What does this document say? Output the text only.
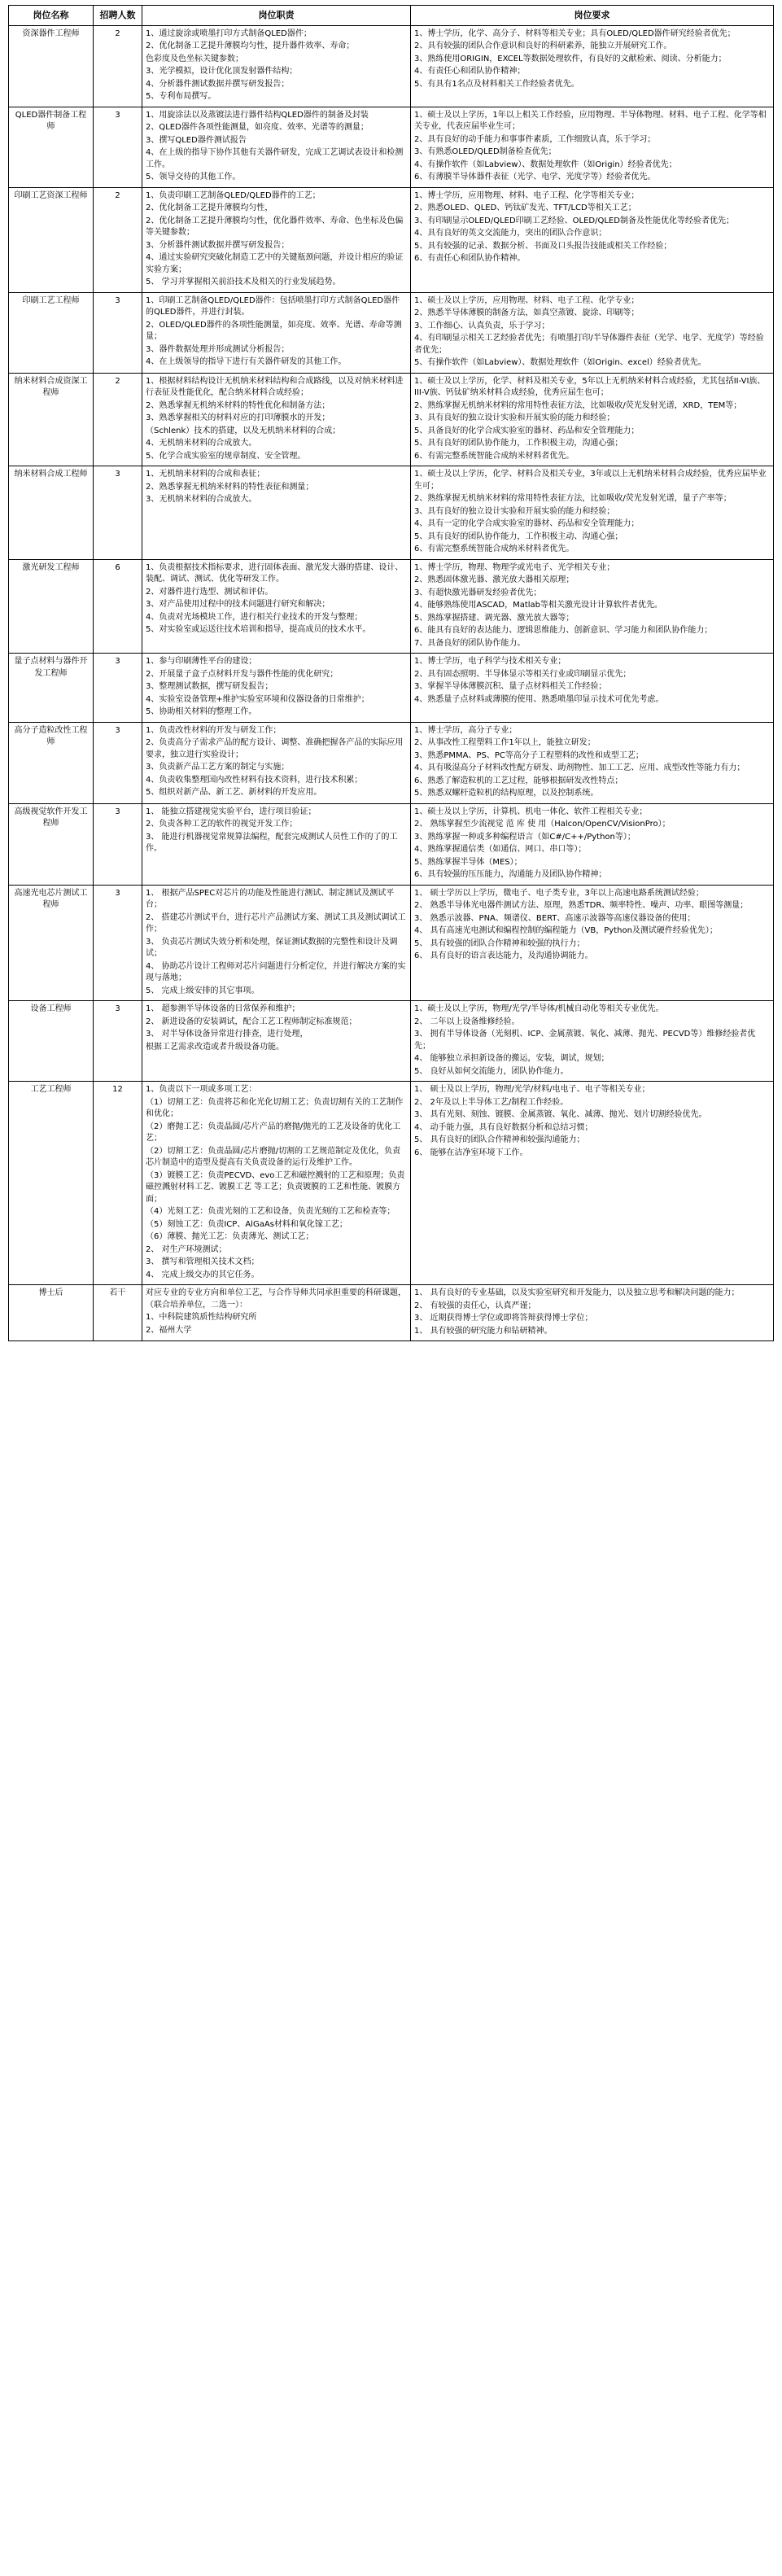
岗位名称	招聘人数	岗位职责	岗位要求
资深器件工程师	2	1、通过旋涂或喷墨打印方式制备QLED器件；
2、优化制备工艺提升薄膜均匀性，提升器件效率、寿命；
色彩度及色坐标关键参数；
3、光学模拟，设计优化顶发射器件结构；
4、分析器件测试数据并撰写研发报告；
5、专利布局撰写。

1、博士学历，化学、高分子、材料等相关专业；具有OLED/QLED器件研究经验者优先；
2、具有较强的团队合作意识和良好的科研素养，能独立开展研究工作。
3、熟练使用ORIGIN，EXCEL等数据处理软件，有良好的文献检索、阅读、分析能力；
4、有责任心和团队协作精神；
5、有具有1名点及材料相关工作经验者优先。

QLED器件制备工程师	3	1、用旋涂法以及蒸镀法进行器件结构QLED器件的制备及封装
2、QLED器件各项性能测量，如亮度、效率、光谱等的测量；
3、撰写QLED器件测试报告
4、在上级的指导下协作其他有关器件研发，完成工艺调试表设计和检测工作。
5、领导交待的其他工作。

1、硕士及以上学历，1年以上相关工作经验，应用物理、半导体物理、材料、电子工程、化学等相关专业，代表应届毕业生可；
2、具有良好的动手能力和事事件素质，工作细致认真，乐于学习；
3、有熟悉OLED/QLED制备检查优先；
4、有操作软件（如Labview）、数据处理软件（如Origin）经验者优先；
6、有薄膜半导体器件表征（光学、电学、光度学等）经验者优先。

印刷工艺资深工程师	2	1、负责印刷工艺制备QLED/QLED器件的工艺；
2、优化制备工艺提升薄膜均匀性，
2、优化制备工艺提升薄膜均匀性，优化器件效率、寿命、色坐标及色偏等关键参数；
3、分析器件测试数据并撰写研发报告；
4、通过实验研究突破化制造工艺中的关键瓶颈问题，并设计相应的验证实验方案；
5、 学习并掌握相关前沿技术及相关的行业发展趋势。

1、博士学历，应用物理、材料、电子工程、化学等相关专业；
2、熟悉OLED、QLED、钙钛矿发光、TFT/LCD等相关工艺；
3、有印刷显示OLED/QLED印刷工艺经验、OLED/QLED制备及性能优化等经验者优先；
4、具有良好的英文交流能力，突出的团队合作意识；
5、具有较强的记录、数据分析、书面及口头报告技能或相关工作经验；
6、有责任心和团队协作精神。

印刷工艺工程师	3	1、印刷工艺制备QLED/QLED器件：包括喷墨打印方式制备QLED器件的QLED器件，并进行封装。
2、OLED/QLED器件的各项性能测量，如亮度、效率、光谱、寿命等测量；
3、器件数据处理并形成测试分析报告；
4、在上级领导的指导下进行有关器件研发的其他工作。

1、硕士及以上学历，应用物理、材料、电子工程、化学专业；
2、熟悉半导体薄膜的制备方法，如真空蒸镀、旋涂、印刷等；
3、工作细心、认真负责，乐于学习；
4、有印刷显示相关工艺经验者优先；有喷墨打印/半导体器件表征（光学、电学、光度学）等经验者优先；
5、有操作软件（如Labview）、数据处理软件（如Origin、excel）经验者优先。

纳米材料合成资深工程师	2	1、根据材料结构设计无机纳米材料结构和合成路线，以及对纳米材料进行表征及性能优化，配合纳米材料合成经验；
2、熟悉掌握无机纳米材料的特性优化和制备方法；
3、熟悉掌握相关的材料对应的打印薄膜水的开发；
（Schlenk）技术的搭建，以及无机纳米材料的合成；
4、无机纳米材料的合成放大。
5、化学合成实验室的规章制度、安全管理。

1、硕士及以上学历，化学、材料及相关专业，5年以上无机纳米材料合成经验，尤其包括II-VI族、III-V族、钙钛矿纳米材料合成经验，优秀应届生也可；
2、熟练掌握无机纳米材料的常用特性表征方法，比如吸收/荧光发射光谱，XRD，TEM等；
3、具有良好的独立设计实验和开展实验的能力和经验；
5、具备良好的化学合成实验室的器材、药品和安全管理能力；
5、具有良好的团队协作能力，工作积极主动，沟通心强；
6、有需完整系统智能合成纳米材料者优先。

纳米材料合成工程师	3	1、无机纳米材料的合成和表征；
2、熟悉掌握无机纳米材料的特性表征和测量；
3、无机纳米材料的合成放大。

1、硕士及以上学历，化学、材料合及相关专业，3年或以上无机纳米材料合成经验，优秀应届毕业生可；
2、熟练掌握无机纳米材料的常用特性表征方法，比如吸收/荧光发射光谱，量子产率等；
3、具有良好的独立设计实验和开展实验的能力和经验；
4、具有一定的化学合成实验室的器材、药品和安全管理能力；
5、具有良好的团队协作能力，工作积极主动、沟通心强；
6、有需完整系统智能合成纳米材料者优先。

激光研发工程师	6	1、负责根据技术指标要求，进行固体表面、激光发大器的搭建、设计、装配、调试、测试、优化等研发工作。
2、对器件进行选型、测试和评估。
3、对产品使用过程中的技术问题进行研究和解决；
4、负责对光场模块工作，进行相关行业技术的开发与整理；
5、对实验室或运送往技术培训和指导，提高成员的技术水平。

1、博士学历，物理、物理学或光电子、光学相关专业；
2、熟悉固体激光器、激光放大器相关原理；
3、有超快激光器研发经验者优先；
4、能够熟练使用ASCAD，Matlab等相关激光设计计算软件者优先。
5、熟练掌握搭建、调光器、激光放大器等；
6、能具有良好的表达能力、逻辑思维能力、创新意识、学习能力和团队协作能力；
7、具备良好的团队协作能力。

量子点材料与器件开发工程师	3	1、参与印刷薄性平台的建设；
2、开展量子盒子点材料开发与器件性能的优化研究；
3、整理测试数据，撰写研发报告；
4、实验室设备管理+维护实验室环境和仪器设备的日常维护；
5、协助相关材料的整理工作。

1、博士学历，电子科学与技术相关专业；
2、具有固态照明、半导体显示等相关行业或印刷显示优先；
3、掌握半导体薄膜沉积、量子点材料相关工作经验；
4、熟悉量子点材料或薄膜的使用、熟悉喷墨印显示技术可优先考虑。

高分子造粒改性工程师	3	1、负责改性材料的开发与研发工作；
2、负责高分子需求产品的配方设计、调整、准确把握各产品的实际应用要求，独立进行实验设计；
3、负责新产品工艺方案的制定与实施；
4、负责收集整理国内改性材料有技术资料，进行技术积累；
5、组织对新产品、新工艺、新材料的开发应用。

1、博士学历，高分子专业；
2、从事改性工程塑料工作1年以上，能独立研发；
3、熟悉PMMA、PS、PC等高分子工程塑料的改性和成型工艺；
4、具有吸湿高分子材料改性配方研发、助剂物性、加工工艺、应用、成型改性等能力有力；
6、熟悉了解造粒机的工艺过程，能够根据研发改性特点；
5、熟悉双螺杆造粒机的结构原理，以及控制系统。

高级视觉软件开发工程师	3	1、 能独立搭建视觉实验平台，进行项目验证；
2、负责各种工艺的软件的视觉开发工作；
3、 能进行机器视觉常规算法编程，配套完成测试人员性工作的了的工作。

1、硕士及以上学历，计算机、机电一体化、软件工程相关专业；
2、 熟练掌握至少流视觉 范 库 使 用（Halcon/OpenCV/VisionPro）；
3、熟练掌握一种或多种编程语言（如C#/C++/Python等）；
4、熟练掌握通信类（如通信、网口、串口等）；
5、熟练掌握半导体（MES）；
6、具有较强的压压能力，沟通能力及团队协作精神；

高速光电芯片测试工程师	3	1、 根据产品SPEC对芯片的功能及性能进行测试、制定测试及测试平台；
2、 搭建芯片测试平台，进行芯片产品测试方案、测试工具及测试调试工作；
3、 负责芯片测试失效分析和处理，保证测试数据的完整性和设计及调试；
4、 协助芯片设计工程师对芯片问题进行分析定位，并进行解决方案的实现与落地；
5、 完成上级安排的其它事项。

1、 硕士学历以上学历，微电子、电子类专业，3年以上高速电路系统测试经验；
2、 熟悉半导体光电器件测试方法、原理，熟悉TDR、频率特性、噪声、功率、眼图等测量；
3、 熟悉示波器、PNA、频谱仪、BERT、高速示波器等高速仪器设备的使用；
4、 具有高速光电测试和编程控制的编程能力（VB，Python及测试硬件经验优先）；
5、 具有较强的团队合作精神和较强的执行力；
6、 具有良好的语言表达能力，及沟通协调能力。

设备工程师	3	1、 超参测半导体设备的日常保养和维护；
2、 新进设备的安装调试，配合工艺工程师制定标准规范；
3、 对半导体设备异常进行排查，进行处理，
根据工艺需求改造或者升级设备功能。

1、硕士及以上学历，物理/光学/半导体/机械自动化等相关专业优先。
2、 二年以上设备维修经验。
3、 拥有半导体设备（光刻机、ICP、金属蒸镀、氧化、减薄、抛光、PECVD等）维修经验者优先；
4、 能够独立承担新设备的搬运，安装，调试，规划；
5、 良好从如何交流能力，团队协作能力。

工艺工程师	12	1、负责以下一项或多项工艺：
（1）切割工艺：负责将芯和化光化切割工艺；负责切割有关的工艺制作和优化；
（2）磨抛工艺：负责晶圆/芯片产品的磨抛/抛光的工艺及设备的优化工艺；
（2）切割工艺：负责晶圆/芯片磨抛/切割的工艺规范制定及优化，负责芯片制造中的造型及提高有关负责设备的运行及维护工作。
（3）镀膜工艺：负责PECVD、evo工艺和磁控溅射的工艺和原理；负责磁控溅射材料工艺、镀膜工艺 等工艺；负责镀膜的工艺和性能、镀膜方面；
（4）光刻工艺：负责光刻的工艺和设备，负责光刻的工艺和检查等；
（5）刻蚀工艺：负责ICP、AlGaAs材料和氧化镓工艺；
（6）薄膜、抛光工艺：负责薄光、测试工艺；
2、 对生产环境测试；
3、 撰写和管理相关技术文档；
4、 完成上级交办的其它任务。

1、 硕士及以上学历，物理/光学/材料/电电子、电子等相关专业；
2、 2年及以上半导体工艺/制程工作经验。
3、 具有光刻、刻蚀、镀膜、金属蒸镀、氧化、减薄、抛光、划片切割经验优先。
4、 动手能力强，具有良好数据分析和总结习惯；
5、 具有良好的团队合作精神和较强沟通能力；
6、 能够在洁净室环境下工作。

博士后	若干	对应专业的专业方向和单位工艺，与合作导师共同承担重要的科研课题，（联合培养单位，二选一）：
1、中科院建筑质性结构研究所
2、福州大学

1、 具有良好的专业基础，以及实验室研究和开发能力，以及独立思考和解决问题的能力；
2、 有较强的责任心，认真严谨；
3、 近期获得博士学位或即将答辩获得博士学位；
1、 具有较强的研究能力和钻研精神。
